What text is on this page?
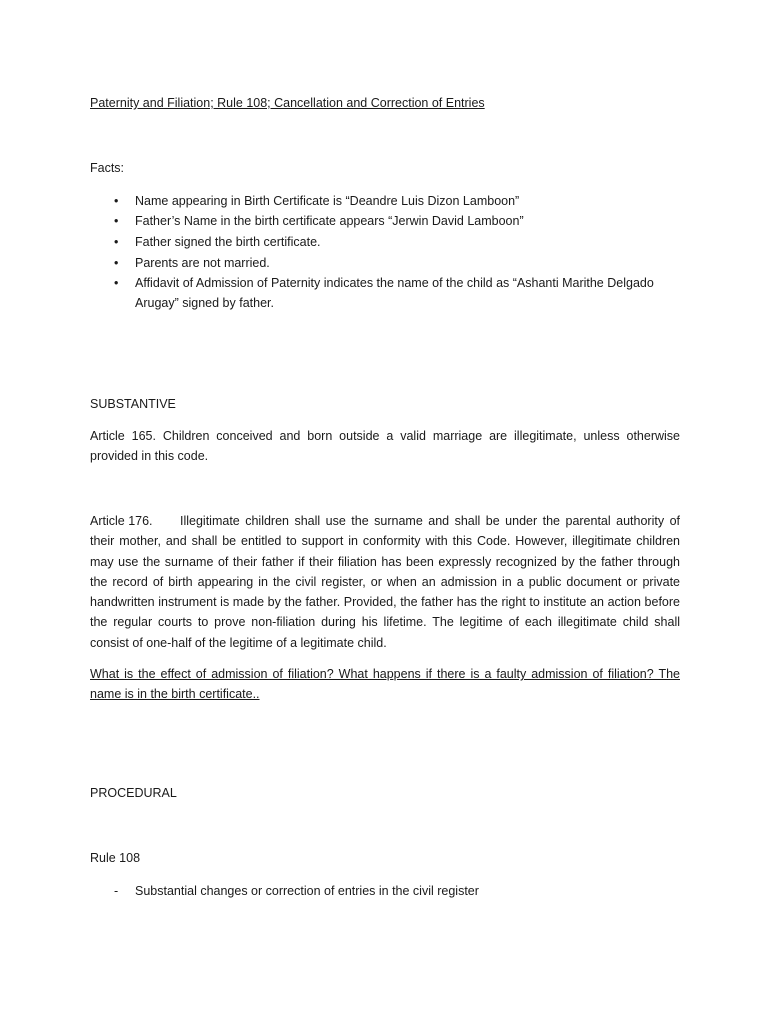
Paternity and Filiation; Rule 108; Cancellation and Correction of Entries
Facts:
• Name appearing in Birth Certificate is “Deandre Luis Dizon Lamboon”
• Father’s Name in the birth certificate appears “Jerwin David Lamboon”
• Father signed the birth certificate.
• Parents are not married.
• Affidavit of Admission of Paternity indicates the name of the child as “Ashanti Marithe Delgado Arugay” signed by father.
SUBSTANTIVE
Article 165. Children conceived and born outside a valid marriage are illegitimate, unless otherwise provided in this code.
Article 176. Illegitimate children shall use the surname and shall be under the parental authority of their mother, and shall be entitled to support in conformity with this Code. However, illegitimate children may use the surname of their father if their filiation has been expressly recognized by the father through the record of birth appearing in the civil register, or when an admission in a public document or private handwritten instrument is made by the father. Provided, the father has the right to institute an action before the regular courts to prove non-filiation during his lifetime. The legitime of each illegitimate child shall consist of one-half of the legitime of a legitimate child.
What is the effect of admission of filiation? What happens if there is a faulty admission of filiation? The name is in the birth certificate..
PROCEDURAL
Rule 108
- Substantial changes or correction of entries in the civil register
